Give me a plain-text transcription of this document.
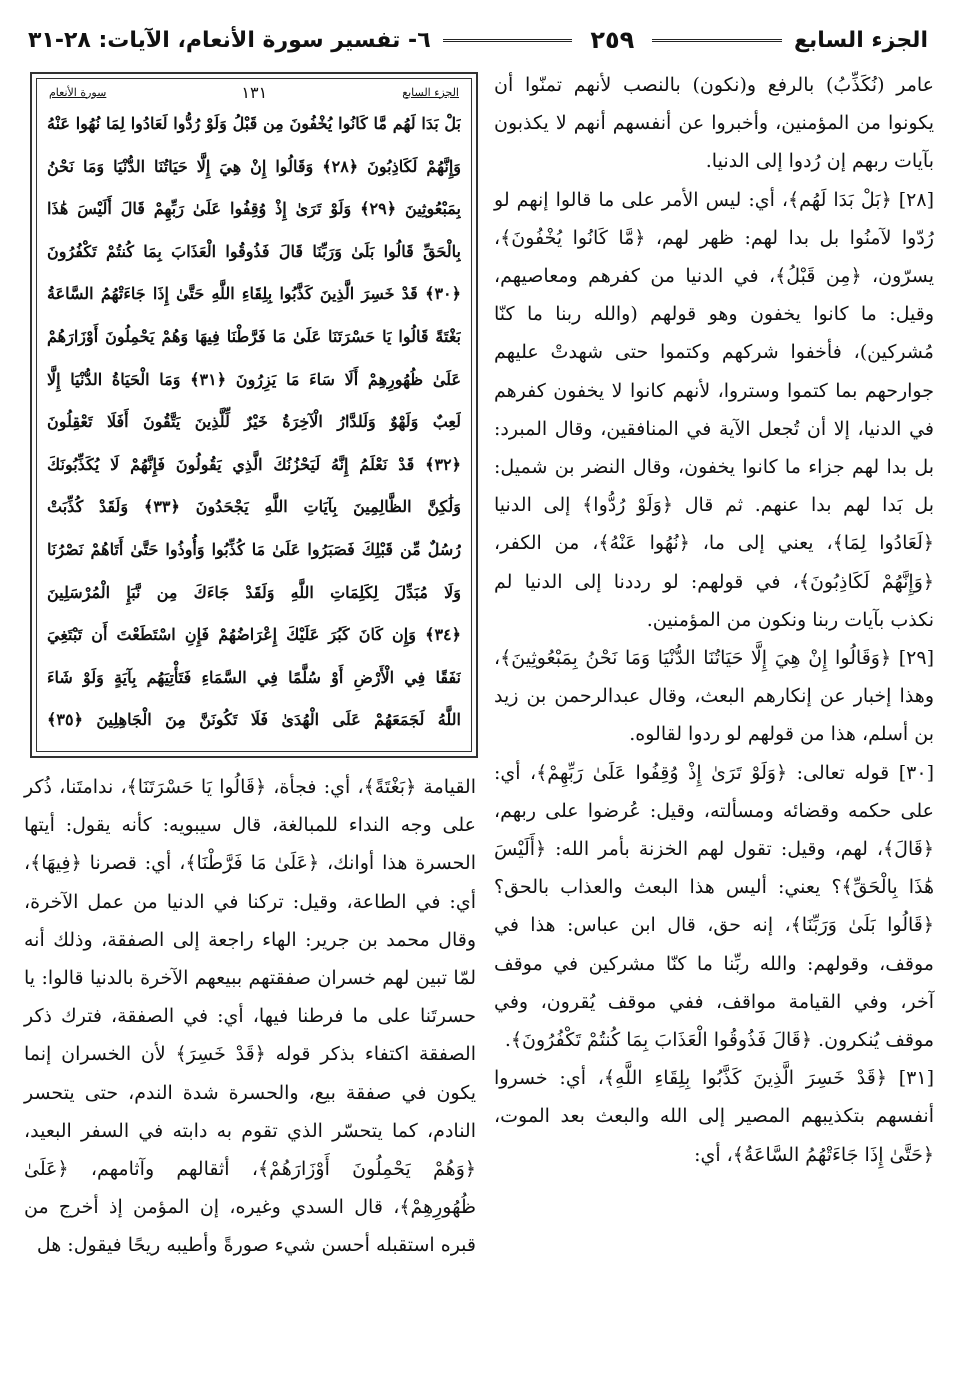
الجزء السابع
٢٥٩
٦- تفسير سورة الأنعام، الآيات: ٢٨-٣١

عامر (نُكَذِّبُ) بالرفع و(نكون) بالنصب لأنهم تمنّوا أن يكونوا من المؤمنين، وأخبروا عن أنفسهم أنهم لا يكذبون بآيات ربهم إن رُدوا إلى الدنيا.

[٢٨] ﴿بَلْ بَدَا لَهُم﴾، أي: ليس الأمر على ما قالوا إنهم لو رُدّوا لآمنُوا بل بدا لهم: ظهر لهم، ﴿مَّا كَانُوا يُخْفُونَ﴾، يسرّون، ﴿مِن قَبْلُ﴾، في الدنيا من كفرهم ومعاصيهم، وقيل: ما كانوا يخفون وهو قولهم (والله ربنا ما كنّا مُشركين)، فأخفوا شركهم وكتموا حتى شهدتْ عليهم جوارحهم بما كتموا وستروا، لأنهم كانوا لا يخفون كفرهم في الدنيا، إلا أن تُجعل الآية في المنافقين، وقال المبرد: بل بدا لهم جزاء ما كانوا يخفون، وقال النضر بن شميل: بل بَدا لهم بدا عنهم. ثم قال ﴿وَلَوْ رُدُّوا﴾ إلى الدنيا ﴿لَعَادُوا لِمَا﴾، يعني إلى ما، ﴿نُهُوا عَنْهُ﴾، من الكفر، ﴿وَإِنَّهُمْ لَكَاذِبُونَ﴾، في قولهم: لو رددنا إلى الدنيا لم نكذب بآيات ربنا ونكون من المؤمنين.

[٢٩] ﴿وَقَالُوا إِنْ هِيَ إِلَّا حَيَاتُنَا الدُّنْيَا وَمَا نَحْنُ بِمَبْعُوثِينَ﴾، وهذا إخبار عن إنكارهم البعث، وقال عبدالرحمن بن زيد بن أسلم، هذا من قولهم لو ردوا لقالوه.

[٣٠] قوله تعالى: ﴿وَلَوْ تَرَىٰ إِذْ وُقِفُوا عَلَىٰ رَبِّهِمْ﴾، أي: على حكمه وقضائه ومسألته، وقيل: عُرضوا على ربهم، ﴿قَالَ﴾، لهم، وقيل: تقول لهم الخزنة بأمر الله: ﴿أَلَيْسَ هَٰذَا بِالْحَقِّ﴾؟ يعني: أليس هذا البعث والعذاب بالحق؟ ﴿قَالُوا بَلَىٰ وَرَبِّنَا﴾، إنه حق، قال ابن عباس: هذا في موقف، وقولهم: والله ربِّنا ما كنّا مشركين في موقف آخر، وفي القيامة مواقف، ففي موقف يُقرون، وفي موقف يُنكرون. ﴿قَالَ فَذُوقُوا الْعَذَابَ بِمَا كُنتُمْ تَكْفُرُونَ﴾.

[٣١] ﴿قَدْ خَسِرَ الَّذِينَ كَذَّبُوا بِلِقَاءِ اللَّهِ﴾، أي: خسروا أنفسهم بتكذيبهم المصير إلى الله والبعث بعد الموت، ﴿حَتَّىٰ إِذَا جَاءَتْهُمُ السَّاعَةُ﴾، أي:

الجزء السابع
١٣١
سورة الأنعام

بَلْ بَدَا لَهُم مَّا كَانُوا يُخْفُونَ مِن قَبْلُ وَلَوْ رُدُّوا لَعَادُوا لِمَا نُهُوا عَنْهُ

وَإِنَّهُمْ لَكَاذِبُونَ ﴿٢٨﴾ وَقَالُوا إِنْ هِيَ إِلَّا حَيَاتُنَا الدُّنْيَا وَمَا نَحْنُ

بِمَبْعُوثِينَ ﴿٢٩﴾ وَلَوْ تَرَىٰ إِذْ وُقِفُوا عَلَىٰ رَبِّهِمْ قَالَ أَلَيْسَ هَٰذَا

بِالْحَقِّ قَالُوا بَلَىٰ وَرَبِّنَا قَالَ فَذُوقُوا الْعَذَابَ بِمَا كُنتُمْ تَكْفُرُونَ

﴿٣٠﴾ قَدْ خَسِرَ الَّذِينَ كَذَّبُوا بِلِقَاءِ اللَّهِ حَتَّىٰ إِذَا جَاءَتْهُمُ السَّاعَةُ

بَغْتَةً قَالُوا يَا حَسْرَتَنَا عَلَىٰ مَا فَرَّطْنَا فِيهَا وَهُمْ يَحْمِلُونَ أَوْزَارَهُمْ

عَلَىٰ ظُهُورِهِمْ أَلَا سَاءَ مَا يَزِرُونَ ﴿٣١﴾ وَمَا الْحَيَاةُ الدُّنْيَا إِلَّا

لَعِبٌ وَلَهْوٌ وَلَلدَّارُ الْآخِرَةُ خَيْرٌ لِّلَّذِينَ يَتَّقُونَ أَفَلَا تَعْقِلُونَ

﴿٣٢﴾ قَدْ نَعْلَمُ إِنَّهُ لَيَحْزُنُكَ الَّذِي يَقُولُونَ فَإِنَّهُمْ لَا يُكَذِّبُونَكَ

وَلَٰكِنَّ الظَّالِمِينَ بِآيَاتِ اللَّهِ يَجْحَدُونَ ﴿٣٣﴾ وَلَقَدْ كُذِّبَتْ

رُسُلٌ مِّن قَبْلِكَ فَصَبَرُوا عَلَىٰ مَا كُذِّبُوا وَأُوذُوا حَتَّىٰ أَتَاهُمْ نَصْرُنَا

وَلَا مُبَدِّلَ لِكَلِمَاتِ اللَّهِ وَلَقَدْ جَاءَكَ مِن نَّبَإِ الْمُرْسَلِينَ

﴿٣٤﴾ وَإِن كَانَ كَبُرَ عَلَيْكَ إِعْرَاضُهُمْ فَإِنِ اسْتَطَعْتَ أَن تَبْتَغِيَ

نَفَقًا فِي الْأَرْضِ أَوْ سُلَّمًا فِي السَّمَاءِ فَتَأْتِيَهُم بِآيَةٍ وَلَوْ شَاءَ

اللَّهُ لَجَمَعَهُمْ عَلَى الْهُدَىٰ فَلَا تَكُونَنَّ مِنَ الْجَاهِلِينَ ﴿٣٥﴾

القيامة ﴿بَغْتَةً﴾، أي: فجأة، ﴿قَالُوا يَا حَسْرَتَنَا﴾، ندامتَنا، ذُكر على وجه النداء للمبالغة، قال سيبويه: كأنه يقول: أيتها الحسرة هذا أوانك، ﴿عَلَىٰ مَا فَرَّطْنَا﴾، أي: قصرنا ﴿فِيهَا﴾، أي: في الطاعة، وقيل: تركنا في الدنيا من عمل الآخرة، وقال محمد بن جرير: الهاء راجعة إلى الصفقة، وذلك أنه لمّا تبين لهم خسران صفقتهم ببيعهم الآخرة بالدنيا قالوا: يا حسرتَنا على ما فرطنا فيها، أي: في الصفقة، فترك ذكر الصفقة اكتفاء بذكر قوله ﴿قَدْ خَسِرَ﴾ لأن الخسران إنما يكون في صفقة بيع، والحسرة شدة الندم، حتى يتحسر النادم، كما يتحسّر الذي تقوم به دابته في السفر البعيد، ﴿وَهُمْ يَحْمِلُونَ أَوْزَارَهُمْ﴾، أثقالهم وآثامهم، ﴿عَلَىٰ ظُهُورِهِمْ﴾، قال السدي وغيره، إن المؤمن إذ أخرج من قبره استقبله أحسن شيء صورةً وأطيبه ريحًا فيقول: هل
